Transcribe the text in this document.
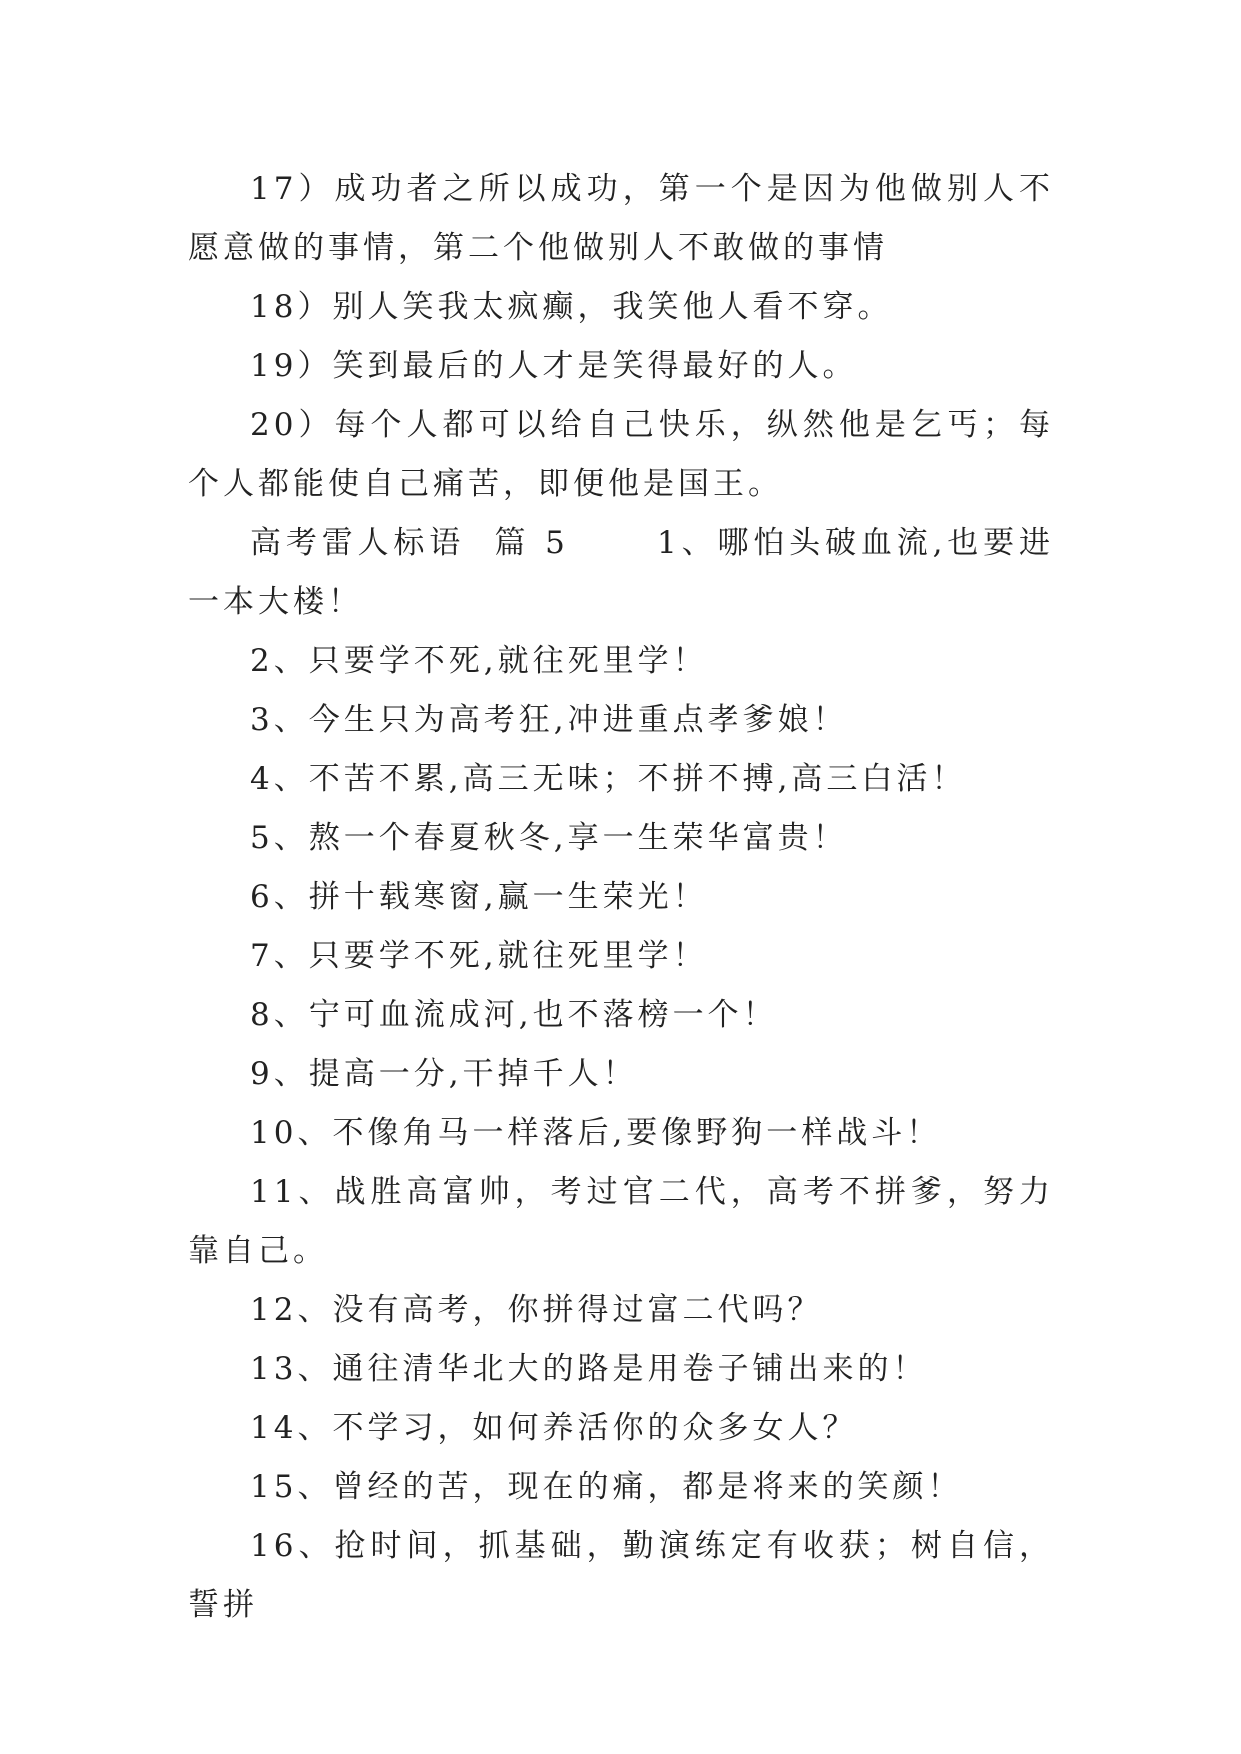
17）成功者之所以成功，第一个是因为他做别人不愿意做的事情，第二个他做别人不敢做的事情

18）别人笑我太疯癫，我笑他人看不穿。

19）笑到最后的人才是笑得最好的人。

20）每个人都可以给自己快乐，纵然他是乞丐；每个人都能使自己痛苦，即便他是国王。

高考雷人标语  篇 5      1、哪怕头破血流,也要进一本大楼！

2、只要学不死,就往死里学！

3、今生只为高考狂,冲进重点孝爹娘！

4、不苦不累,高三无味；不拼不搏,高三白活！

5、熬一个春夏秋冬,享一生荣华富贵！

6、拼十载寒窗,赢一生荣光！

7、只要学不死,就往死里学！

8、宁可血流成河,也不落榜一个！

9、提高一分,干掉千人！

10、不像角马一样落后,要像野狗一样战斗！

11、战胜高富帅，考过官二代，高考不拼爹，努力靠自己。

12、没有高考，你拼得过富二代吗？

13、通往清华北大的路是用卷子铺出来的！

14、不学习，如何养活你的众多女人？

15、曾经的苦，现在的痛，都是将来的笑颜！

16、抢时间，抓基础，勤演练定有收获；树自信，誓拼
